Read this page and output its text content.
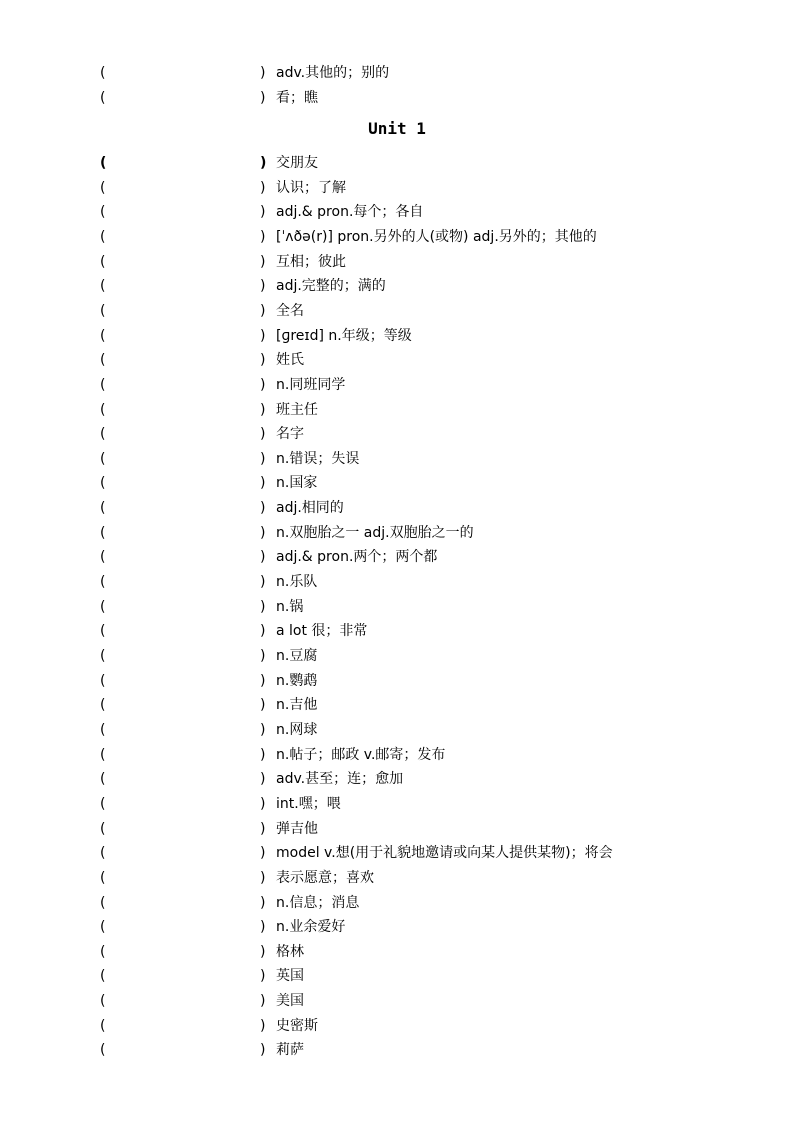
(	) adv.其他的；别的
(	) 看；瞧
Unit 1
(	) 交朋友
(	) 认识；了解
(	) adj.& pron.每个；各自
(	) [ˈʌðə(r)] pron.另外的人(或物) adj.另外的；其他的
(	) 互相；彼此
(	) adj.完整的；满的
(	) 全名
(	) [ɡreɪd] n.年级；等级
(	) 姓氏
(	) n.同班同学
(	) 班主任
(	) 名字
(	) n.错误；失误
(	) n.国家
(	) adj.相同的
(	) n.双胞胎之一 adj.双胞胎之一的
(	) adj.& pron.两个；两个都
(	) n.乐队
(	) n.锅
(	) a lot 很；非常
(	) n.豆腐
(	) n.鹦鹉
(	) n.吉他
(	) n.网球
(	) n.帖子；邮政 v.邮寄；发布
(	) adv.甚至；连；愈加
(	) int.嘿；喂
(	) 弹吉他
(	) model v.想(用于礼貌地邀请或向某人提供某物)；将会
(	) 表示愿意；喜欢
(	) n.信息；消息
(	) n.业余爱好
(	) 格林
(	) 英国
(	) 美国
(	) 史密斯
(	) 莉萨
